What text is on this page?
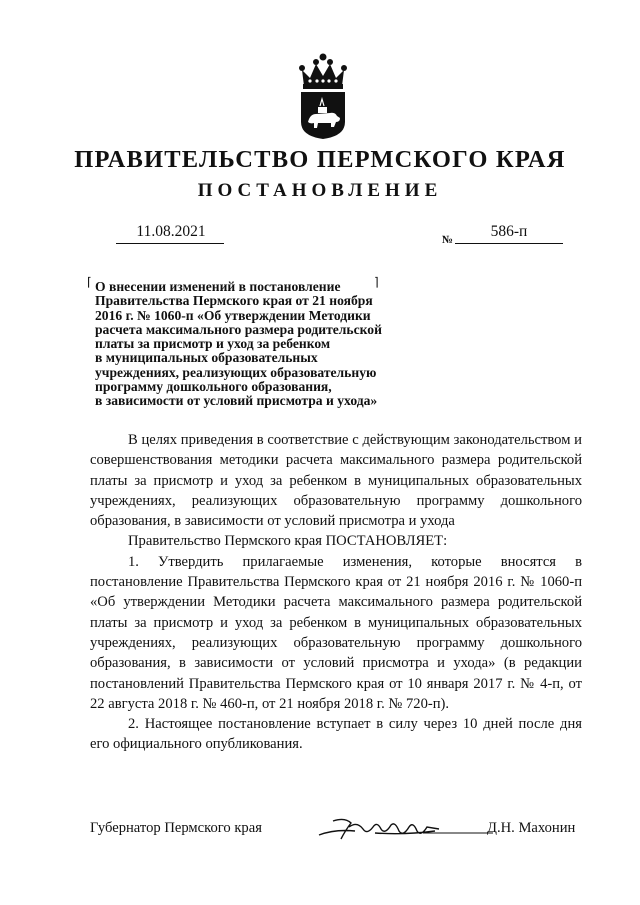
ПРАВИТЕЛЬСТВО ПЕРМСКОГО КРАЯ
ПОСТАНОВЛЕНИЕ
11.08.2021	№	586-п
⌈	⌉
О внесении изменений в постановление
Правительства Пермского края от 21 ноября
2016 г. № 1060-п «Об утверждении Методики
расчета максимального размера родительской
платы за присмотр и уход за ребенком
в муниципальных образовательных
учреждениях, реализующих образовательную
программу дошкольного образования,
в зависимости от условий присмотра и ухода»

В целях приведения в соответствие с действующим законодательством и совершенствования методики расчета максимального размера родительской платы за присмотр и уход за ребенком в муниципальных образовательных учреждениях, реализующих образовательную программу дошкольного образования, в зависимости от условий присмотра и ухода

Правительство Пермского края ПОСТАНОВЛЯЕТ:

1. Утвердить прилагаемые изменения, которые вносятся в постановление Правительства Пермского края от 21 ноября 2016 г. № 1060-п «Об утверждении Методики расчета максимального размера родительской платы за присмотр и уход за ребенком в муниципальных образовательных учреждениях, реализующих образовательную программу дошкольного образования, в зависимости от условий присмотра и ухода» (в редакции постановлений Правительства Пермского края от 10 января 2017 г. № 4-п, от 22 августа 2018 г. № 460-п, от 21 ноября 2018 г. № 720-п).

2. Настоящее постановление вступает в силу через 10 дней после дня его официального опубликования.

Губернатор Пермского края	Д.Н. Махонин
